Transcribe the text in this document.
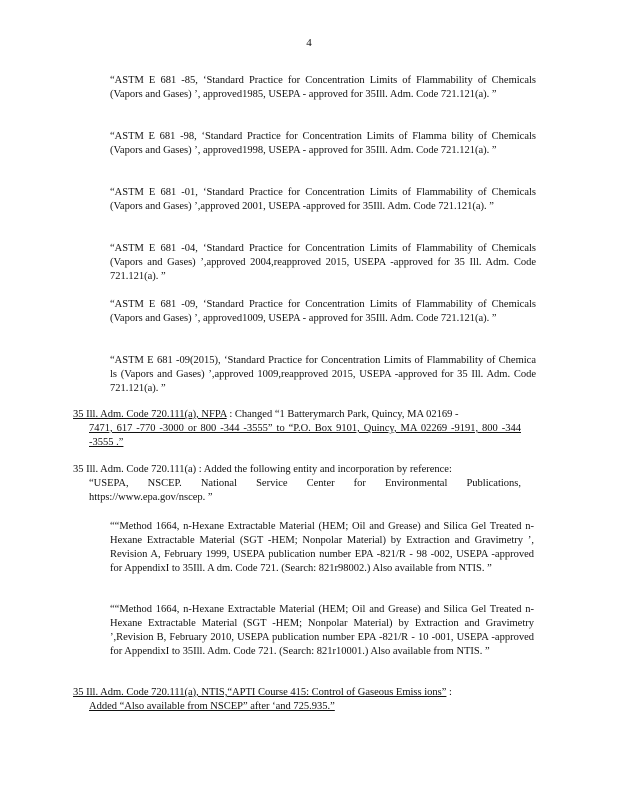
4
“ASTM E 681 -85, ‘Standard Practice for Concentration Limits of Flammability of Chemicals (Vapors and Gases) ’, approved1985, USEPA - approved for 35Ill. Adm. Code 721.121(a). ”
“ASTM E 681 -98, ‘Standard Practice for Concentration Limits of Flamma bility of Chemicals (Vapors and Gases) ’, approved1998, USEPA - approved for 35Ill. Adm. Code 721.121(a). ”
“ASTM E 681 -01, ‘Standard Practice for Concentration Limits of Flammability of Chemicals (Vapors and Gases) ’,approved 2001, USEPA -approved for 35Ill. Adm. Code 721.121(a). ”
“ASTM E 681 -04, ‘Standard Practice for Concentration Limits of Flammability of Chemicals (Vapors and Gases) ’,approved 2004,reapproved 2015, USEPA -approved for 35 Ill. Adm. Code 721.121(a). ”
“ASTM E 681 -09, ‘Standard Practice for Concentration Limits of Flammability of Chemicals (Vapors and Gases) ’, approved1009, USEPA - approved for 35Ill. Adm. Code 721.121(a). ”
“ASTM E 681 -09(2015), ‘Standard Practice for Concentration Limits of Flammability of Chemica ls (Vapors and Gases) ’,approved 1009,reapproved 2015, USEPA -approved for 35 Ill. Adm. Code 721.121(a). ”
35 Ill. Adm. Code 720.111(a), NFPA : Changed “1 Batterymarch Park, Quincy, MA 02169 -
7471, 617 -770 -3000 or 800 -344 -3555” to “P.O. Box 9101, Quincy, MA 02269 -9191, 800 -344 -3555 .”
35 Ill. Adm. Code 720.111(a) : Added the following entity and incorporation by reference:
“USEPA, NSCEP. National Service Center for Environmental Publications, https://www.epa.gov/nscep. ”
““Method 1664, n-Hexane Extractable Material (HEM; Oil and Grease) and Silica Gel Treated n-Hexane Extractable Material (SGT -HEM; Nonpolar Material) by Extraction and Gravimetry ’, Revision A, February 1999, USEPA publication number EPA -821/R - 98 -002, USEPA -approved for AppendixI to 35Ill. A dm. Code 721. (Search: 821r98002.) Also available from NTIS. ”
““Method 1664, n-Hexane Extractable Material (HEM; Oil and Grease) and Silica Gel Treated n-Hexane Extractable Material (SGT -HEM; Nonpolar Material) by Extraction and Gravimetry ’,Revision B, February 2010, USEPA publication number EPA -821/R - 10 -001, USEPA -approved for AppendixI to 35Ill. Adm. Code 721. (Search: 821r10001.) Also available from NTIS. ”
35 Ill. Adm. Code 720.111(a), NTIS,“APTI Course 415: Control of Gaseous Emiss ions” :
Added “Also available from NSCEP” after ‘and 725.935.”
